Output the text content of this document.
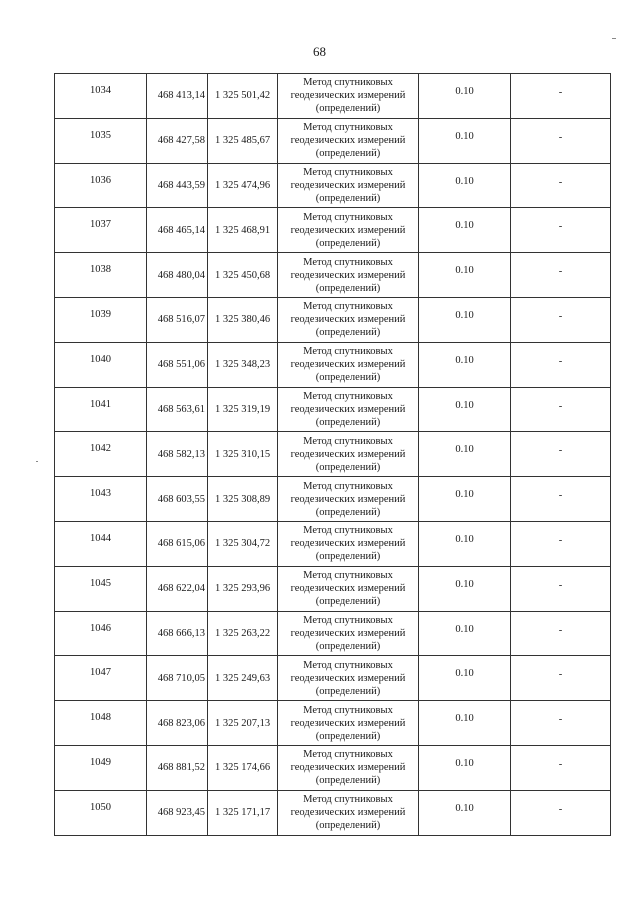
68
1034	468 413,14	1 325 501,42	Метод спутниковых
геодезических измерений
(определений)	0.10	-
1035	468 427,58	1 325 485,67	Метод спутниковых
геодезических измерений
(определений)	0.10	-
1036	468 443,59	1 325 474,96	Метод спутниковых
геодезических измерений
(определений)	0.10	-
1037	468 465,14	1 325 468,91	Метод спутниковых
геодезических измерений
(определений)	0.10	-
1038	468 480,04	1 325 450,68	Метод спутниковых
геодезических измерений
(определений)	0.10	-
1039	468 516,07	1 325 380,46	Метод спутниковых
геодезических измерений
(определений)	0.10	-
1040	468 551,06	1 325 348,23	Метод спутниковых
геодезических измерений
(определений)	0.10	-
1041	468 563,61	1 325 319,19	Метод спутниковых
геодезических измерений
(определений)	0.10	-
1042	468 582,13	1 325 310,15	Метод спутниковых
геодезических измерений
(определений)	0.10	-
1043	468 603,55	1 325 308,89	Метод спутниковых
геодезических измерений
(определений)	0.10	-
1044	468 615,06	1 325 304,72	Метод спутниковых
геодезических измерений
(определений)	0.10	-
1045	468 622,04	1 325 293,96	Метод спутниковых
геодезических измерений
(определений)	0.10	-
1046	468 666,13	1 325 263,22	Метод спутниковых
геодезических измерений
(определений)	0.10	-
1047	468 710,05	1 325 249,63	Метод спутниковых
геодезических измерений
(определений)	0.10	-
1048	468 823,06	1 325 207,13	Метод спутниковых
геодезических измерений
(определений)	0.10	-
1049	468 881,52	1 325 174,66	Метод спутниковых
геодезических измерений
(определений)	0.10	-
1050	468 923,45	1 325 171,17	Метод спутниковых
геодезических измерений
(определений)	0.10	-
